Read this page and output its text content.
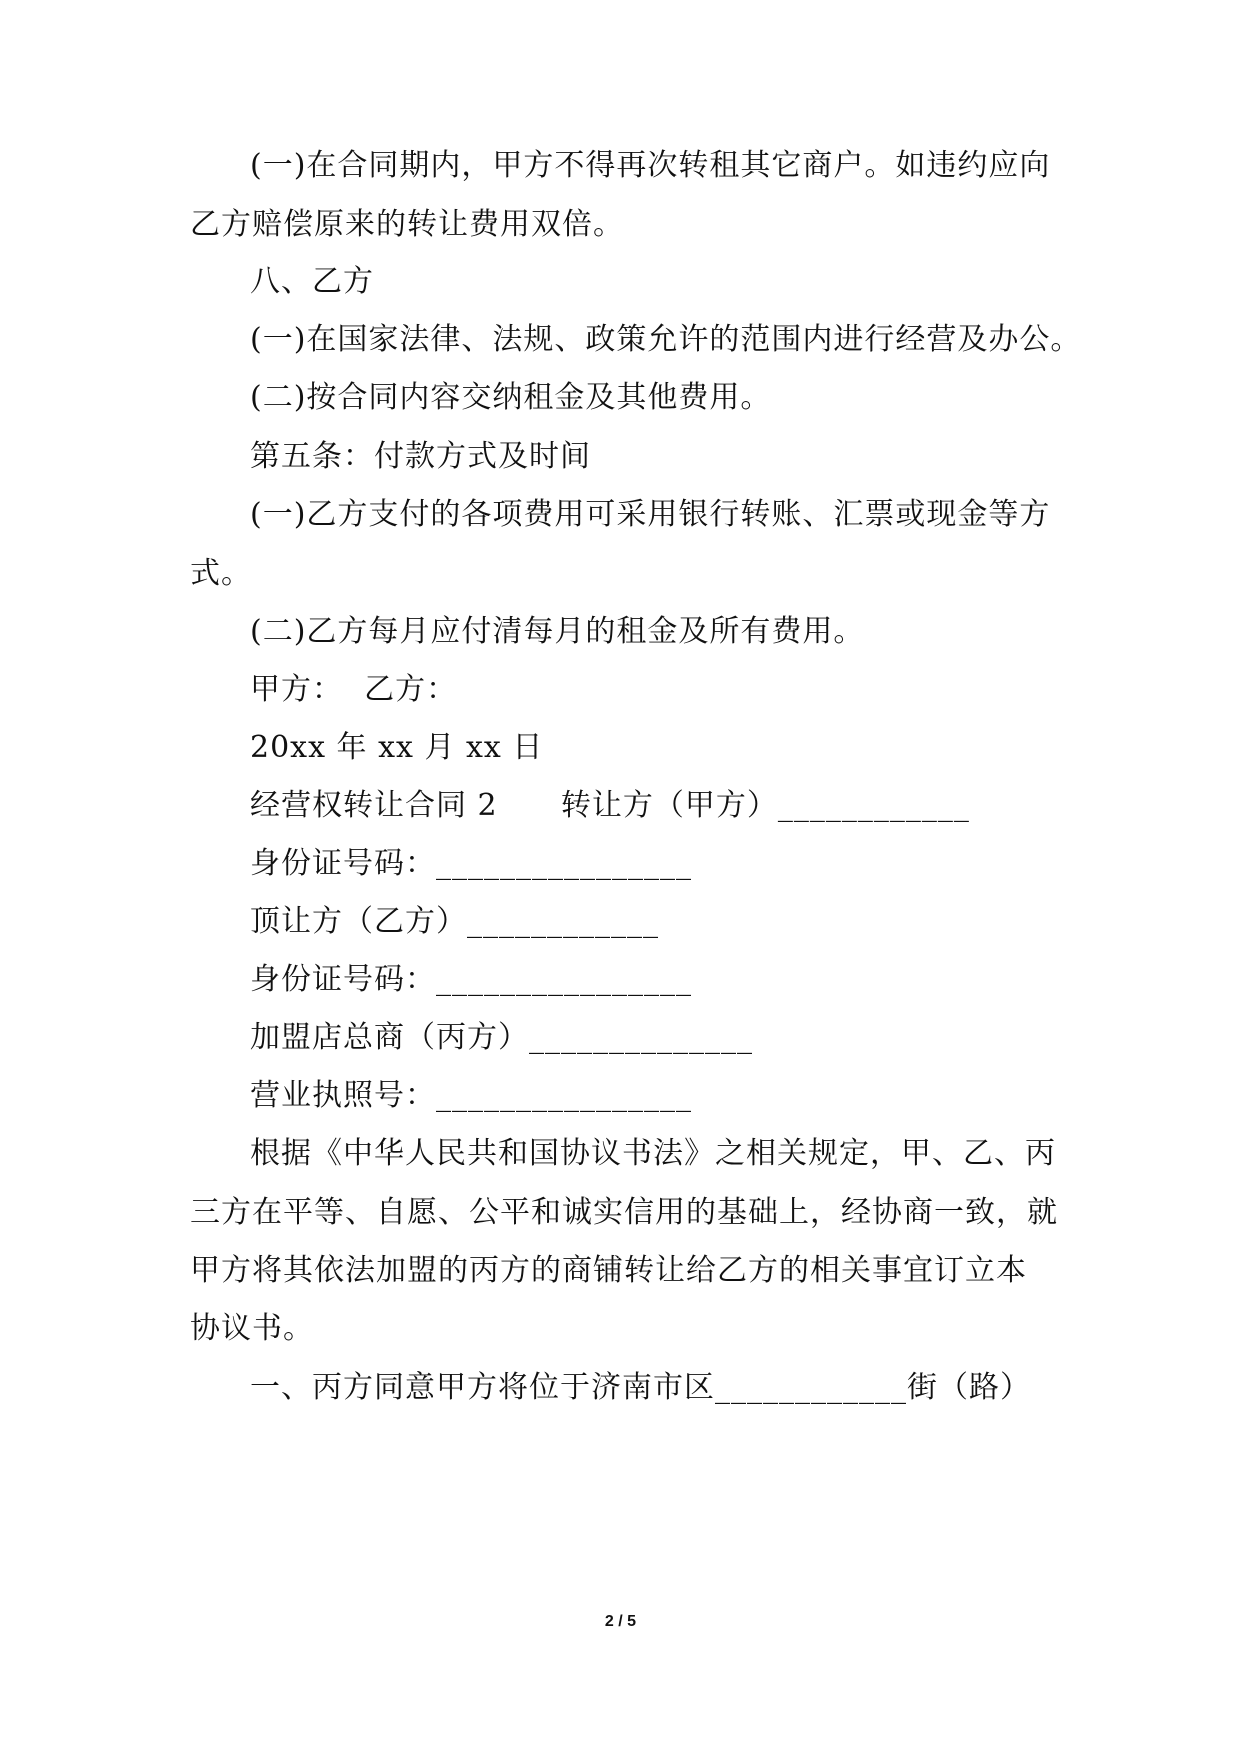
(一)在合同期内，甲方不得再次转租其它商户。如违约应向
乙方赔偿原来的转让费用双倍。
八、乙方
(一)在国家法律、法规、政策允许的范围内进行经营及办公。
(二)按合同内容交纳租金及其他费用。
第五条：付款方式及时间
(一)乙方支付的各项费用可采用银行转账、汇票或现金等方
式。
(二)乙方每月应付清每月的租金及所有费用。
甲方：  乙方：
20xx 年 xx 月 xx 日
经营权转让合同 2      转让方（甲方）____________
身份证号码：________________
顶让方（乙方）____________
身份证号码：________________
加盟店总商（丙方）______________
营业执照号：________________
根据《中华人民共和国协议书法》之相关规定，甲、乙、丙
三方在平等、自愿、公平和诚实信用的基础上，经协商一致，就
甲方将其依法加盟的丙方的商铺转让给乙方的相关事宜订立本
协议书。
一、丙方同意甲方将位于济南市区____________街（路）
2 / 5
